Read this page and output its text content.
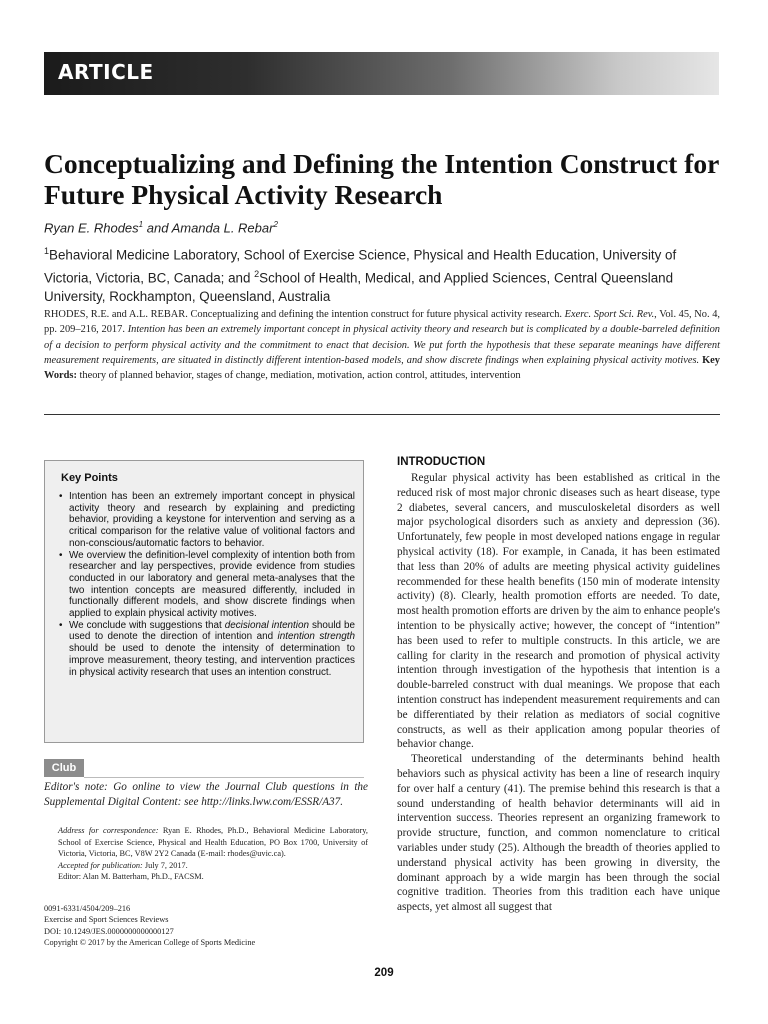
ARTICLE
Conceptualizing and Defining the Intention Construct for Future Physical Activity Research
Ryan E. Rhodes$^1$ and Amanda L. Rebar$^2$
$^1$Behavioral Medicine Laboratory, School of Exercise Science, Physical and Health Education, University of Victoria, Victoria, BC, Canada; and $^2$School of Health, Medical, and Applied Sciences, Central Queensland University, Rockhampton, Queensland, Australia
RHODES, R.E. and A.L. REBAR. Conceptualizing and defining the intention construct for future physical activity research. Exerc. Sport Sci. Rev., Vol. 45, No. 4, pp. 209–216, 2017. Intention has been an extremely important concept in physical activity theory and research but is complicated by a double-barreled definition of a decision to perform physical activity and the commitment to enact that decision. We put forth the hypothesis that these separate meanings have different measurement requirements, are situated in distinctly different intention-based models, and show discrete findings when explaining physical activity motives. Key Words: theory of planned behavior, stages of change, mediation, motivation, action control, attitudes, intervention
Key Points
• Intention has been an extremely important concept in physical activity theory and research by explaining and predicting behavior, providing a keystone for intervention and serving as a critical comparison for the relative value of volitional factors and non-conscious/automatic factors to behavior.
• We overview the definition-level complexity of intention both from researcher and lay perspectives, provide evidence from studies conducted in our laboratory and general meta-analyses that the two intention concepts are measured differently, included in functionally different models, and show discrete findings when applied to explain physical activity motives.
• We conclude with suggestions that decisional intention should be used to denote the direction of intention and intention strength should be used to denote the intensity of determination to improve measurement, theory testing, and intervention practices in physical activity research that uses an intention construct.
Club
Editor's note: Go online to view the Journal Club questions in the Supplemental Digital Content: see http://links.lww.com/ESSR/A37.
Address for correspondence: Ryan E. Rhodes, Ph.D., Behavioral Medicine Laboratory, School of Exercise Science, Physical and Health Education, PO Box 1700, University of Victoria, Victoria, BC, V8W 2Y2 Canada (E-mail: rhodes@uvic.ca).
Accepted for publication: July 7, 2017.
Editor: Alan M. Batterham, Ph.D., FACSM.
0091-6331/4504/209–216
Exercise and Sport Sciences Reviews
DOI: 10.1249/JES.0000000000000127
Copyright © 2017 by the American College of Sports Medicine
INTRODUCTION

Regular physical activity has been established as critical in the reduced risk of most major chronic diseases such as heart disease, type 2 diabetes, several cancers, and musculoskeletal disorders as well major psychological disorders such as anxiety and depression (36). Unfortunately, few people in most developed nations engage in regular physical activity (18). For example, in Canada, it has been estimated that less than 20% of adults are meeting physical activity guidelines recommended for these health benefits (150 min of moderate intensity activity) (8). Clearly, health promotion efforts are needed. To date, most health promotion efforts are driven by the aim to enhance people's intention to be physically active; however, the concept of “intention” has been used to refer to multiple constructs. In this article, we are calling for clarity in the research and promotion of physical activity intention through investigation of the hypothesis that intention is a double-barreled construct with dual meanings. We propose that each intention construct has independent measurement requirements and can be differentiated by their relation as mediators of social cognitive constructs, as well as their application among popular theories of behavior change.

Theoretical understanding of the determinants behind health behaviors such as physical activity has been a line of research inquiry for over half a century (41). The premise behind this research is that a sound understanding of health behavior determinants will aid in intervention success. Theories represent an organizing framework to provide structure, function, and common nomenclature to critical variables under study (25). Although the breadth of theories applied to understand physical activity has been growing in diversity, the dominant approach by a wide margin has been through the social cognitive tradition. Theories from this tradition each have unique aspects, yet almost all suggest that

209
